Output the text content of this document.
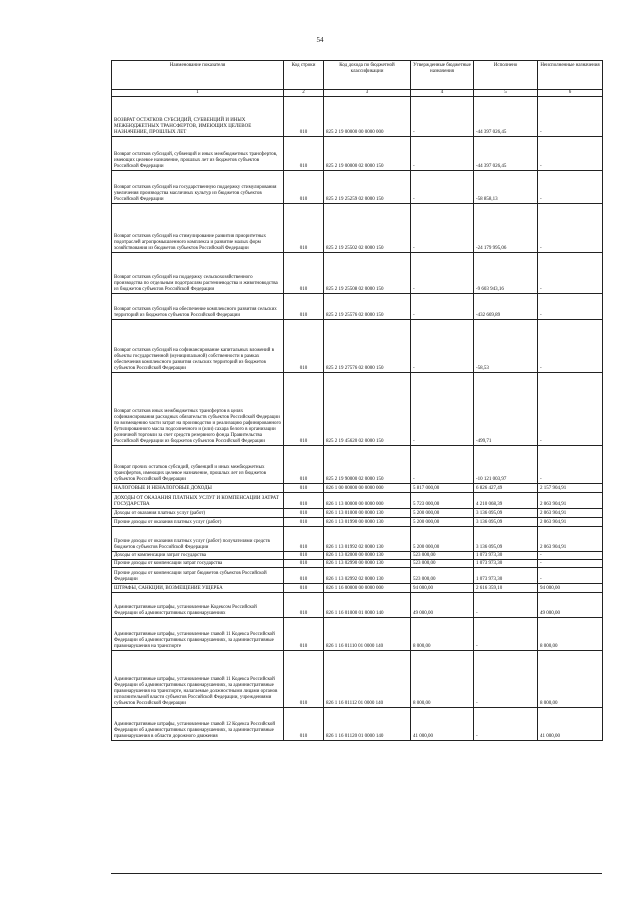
54
Наименование показателя	Код строки	Код дохода по бюджетной классификации	Утвержденные бюджетные назначения	Исполнено	Неисполненные назначения
1	2	3	4	5	6
ВОЗВРАТ ОСТАТКОВ СУБСИДИЙ, СУБВЕНЦИЙ И ИНЫХ МЕЖБЮДЖЕТНЫХ ТРАНСФЕРТОВ, ИМЕЮЩИХ ЦЕЛЕВОЕ НАЗНАЧЕНИЕ, ПРОШЛЫХ ЛЕТ	010	825 2 19 00000 00 0000 000	-	-44 397 026,45	-
Возврат остатков субсидий, субвенций и иных межбюджетных трансфертов, имеющих целевое назначение, прошлых лет из бюджетов субъектов Российской Федерации	010	825 2 19 00000 02 0000 150	-	-44 397 026,45	-
Возврат остатков субсидий на государственную поддержку стимулирования увеличения производства масличных культур из бюджетов субъектов Российской Федерации	010	825 2 19 25259 02 0000 150	-	-58 858,13	-
Возврат остатков субсидий на стимулирование развития приоритетных подотраслей агропромышленного комплекса и развитие малых форм хозяйствования из бюджетов субъектов Российской Федерации	010	825 2 19 25502 02 0000 150	-	-24 179 995,06	-
Возврат остатков субсидий на поддержку сельскохозяйственного производства по отдельным подотраслям растениеводства и животноводства из бюджетов субъектов Российской Федерации	010	825 2 19 25508 02 0000 150	-	-9 603 943,16	-
Возврат остатков субсидий на обеспечение комплексного развития сельских территорий из бюджетов субъектов Российской Федерации	010	825 2 19 25576 02 0000 150	-	-432 669,89	-
Возврат остатков субсидий на софинансирование капитальных вложений в объекты государственной (муниципальной) собственности в рамках обеспечения комплексного развития сельских территорий из бюджетов субъектов Российской Федерации	010	825 2 19 27576 02 0000 150	-	-58,53	-
Возврат остатков иных межбюджетных трансфертов в целях софинансирования расходных обязательств субъектов Российской Федерации по возмещению части затрат на производство и реализацию рафинированного бутилированного масла подсолнечного и (или) сахара белого в организации розничной торговли за счет средств резервного фонда Правительства Российской Федерации из бюджетов субъектов Российской Федерации	010	825 2 19 45620 02 0000 150	-	-499,71	-
Возврат прочих остатков субсидий, субвенций и иных межбюджетных трансфертов, имеющих целевое назначение, прошлых лет из бюджетов субъектов Российской Федерации	010	825 2 19 90000 02 0000 150	-	-10 121 003,97	-
НАЛОГОВЫЕ И НЕНАЛОГОВЫЕ ДОХОДЫ	010	826 1 00 00000 00 0000 000	5 817 000,00	6 826 427,49	2 157 904,91
ДОХОДЫ ОТ ОКАЗАНИЯ ПЛАТНЫХ УСЛУГ И КОМПЕНСАЦИИ ЗАТРАТ ГОСУДАРСТВА	010	826 1 13 00000 00 0000 000	5 723 000,00	4 210 068,39	2 063 904,91
Доходы от оказания платных услуг (работ)	010	826 1 13 01000 00 0000 130	5 200 000,00	3 136 095,09	2 063 904,91
Прочие доходы от оказания платных услуг (работ)	010	826 1 13 01990 00 0000 130	5 200 000,00	3 136 095,09	2 063 904,91
Прочие доходы от оказания платных услуг (работ) получателями средств бюджетов субъектов Российской Федерации	010	826 1 13 01992 02 0000 130	5 200 000,00	3 136 095,09	2 063 904,91
Доходы от компенсации затрат государства	010	826 1 13 02000 00 0000 130	523 000,00	1 073 973,30	-
Прочие доходы от компенсации затрат государства	010	826 1 13 02990 00 0000 130	523 000,00	1 073 973,30	-
Прочие доходы от компенсации затрат бюджетов субъектов Российской Федерации	010	826 1 13 02992 02 0000 130	523 000,00	1 073 973,30	-
ШТРАФЫ, САНКЦИИ, ВОЗМЕЩЕНИЕ УЩЕРБА	010	826 1 16 00000 00 0000 000	94 000,00	2 616 359,10	94 000,00
Административные штрафы, установленные Кодексом Российской Федерации об административных правонарушениях	010	826 1 16 01000 01 0000 140	49 000,00	-	49 000,00
Административные штрафы, установленные главой 11 Кодекса Российской Федерации об административных правонарушениях, за административные правонарушения на транспорте	010	826 1 16 01110 01 0000 140	8 000,00	-	8 000,00
Административные штрафы, установленные главой 11 Кодекса Российской Федерации об административных правонарушениях, за административные правонарушения на транспорте, налагаемые должностными лицами органов исполнительной власти субъектов Российской Федерации, учреждениями субъектов Российской Федерации	010	826 1 16 01112 01 0000 140	8 000,00	-	8 000,00
Административные штрафы, установленные главой 12 Кодекса Российской Федерации об административных правонарушениях, за административные правонарушения в области дорожного движения	010	826 1 16 01120 01 0000 140	41 000,00	-	41 000,00
